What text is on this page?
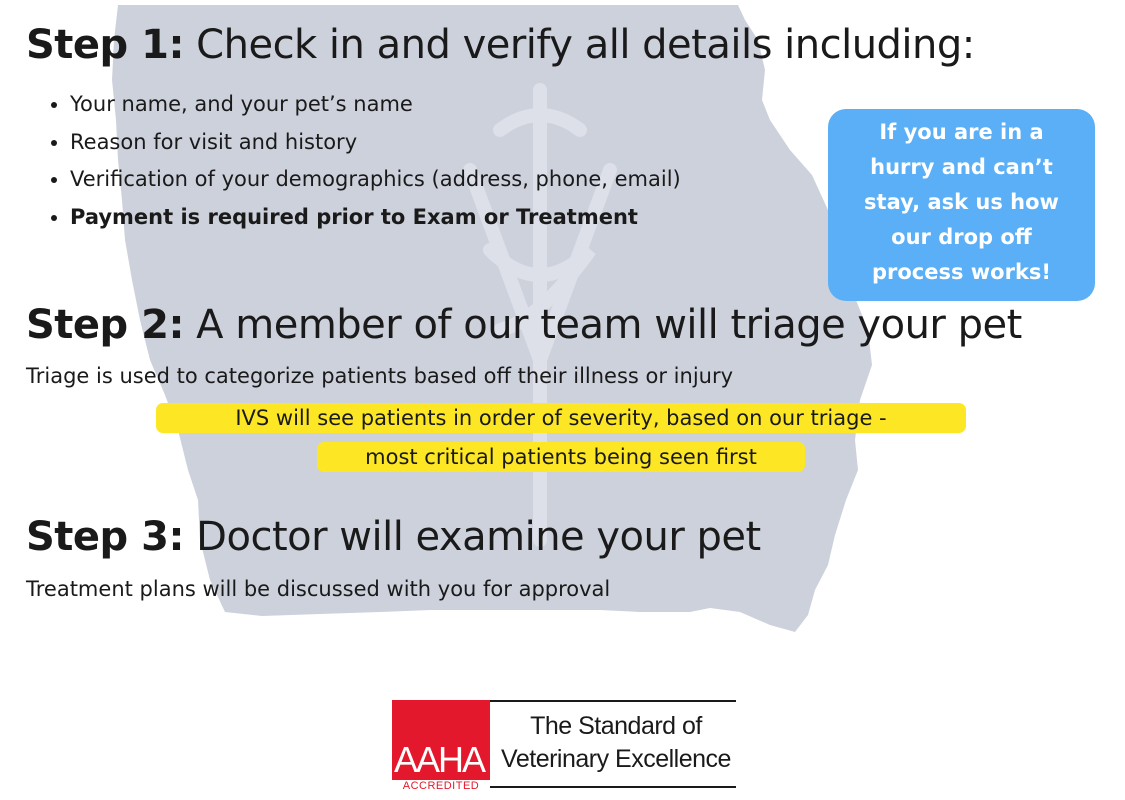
Step 1: Check in and verify all details including:
• Your name, and your pet’s name
• Reason for visit and history
• Verification of your demographics (address, phone, email)
• Payment is required prior to Exam or Treatment
If you are in a
hurry and can’t
stay, ask us how
our drop off
process works!
Step 2: A member of our team will triage your pet

Triage is used to categorize patients based off their illness or injury

IVS will see patients in order of severity, based on our triage -
most critical patients being seen first
Step 3: Doctor will examine your pet

Treatment plans will be discussed with you for approval

AAHA
ACCREDITED
The Standard of
Veterinary Excellence
